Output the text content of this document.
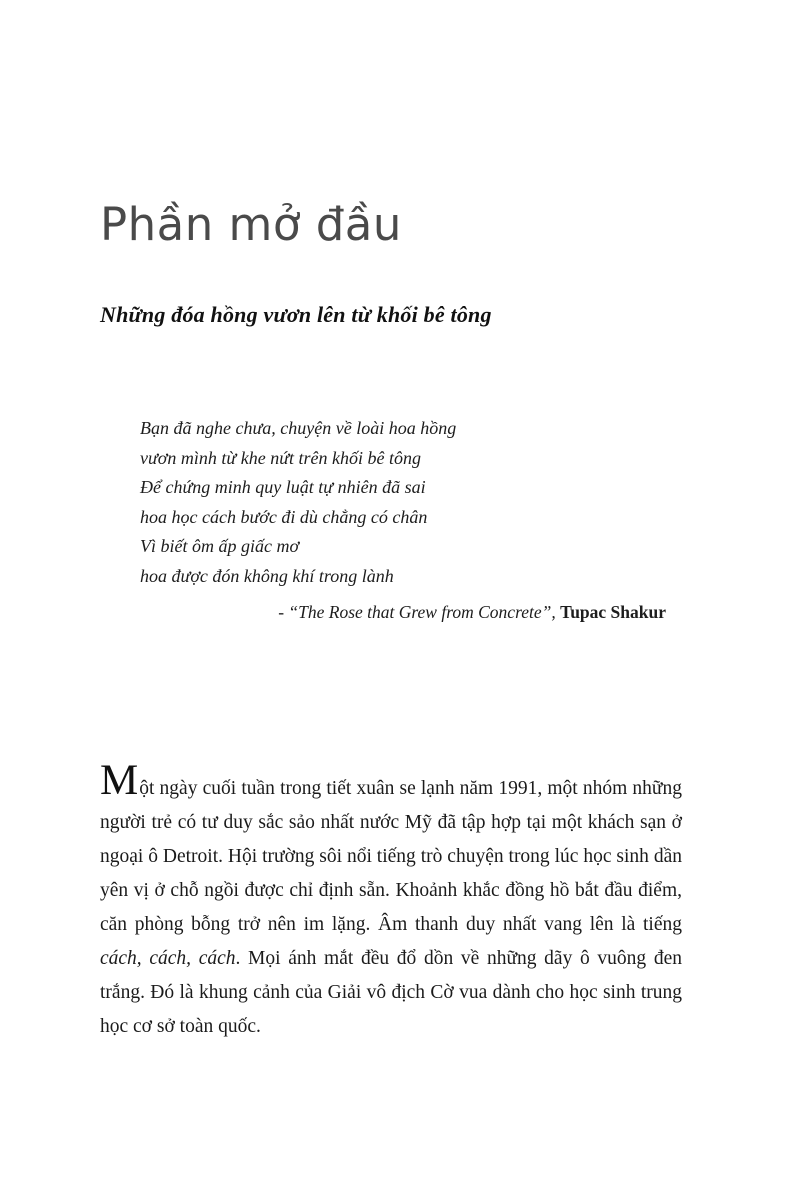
Phần mở đầu
Những đóa hồng vươn lên từ khối bê tông
Bạn đã nghe chưa, chuyện về loài hoa hồng
vươn mình từ khe nứt trên khối bê tông
Để chứng minh quy luật tự nhiên đã sai
hoa học cách bước đi dù chẳng có chân
Vì biết ôm ấp giấc mơ
hoa được đón không khí trong lành
- “The Rose that Grew from Concrete”, Tupac Shakur

Một ngày cuối tuần trong tiết xuân se lạnh năm 1991, một nhóm những người trẻ có tư duy sắc sảo nhất nước Mỹ đã tập hợp tại một khách sạn ở ngoại ô Detroit. Hội trường sôi nổi tiếng trò chuyện trong lúc học sinh dần yên vị ở chỗ ngồi được chỉ định sẵn. Khoảnh khắc đồng hồ bắt đầu điểm, căn phòng bỗng trở nên im lặng. Âm thanh duy nhất vang lên là tiếng cách, cách, cách. Mọi ánh mắt đều đổ dồn về những dãy ô vuông đen trắng. Đó là khung cảnh của Giải vô địch Cờ vua dành cho học sinh trung học cơ sở toàn quốc.
